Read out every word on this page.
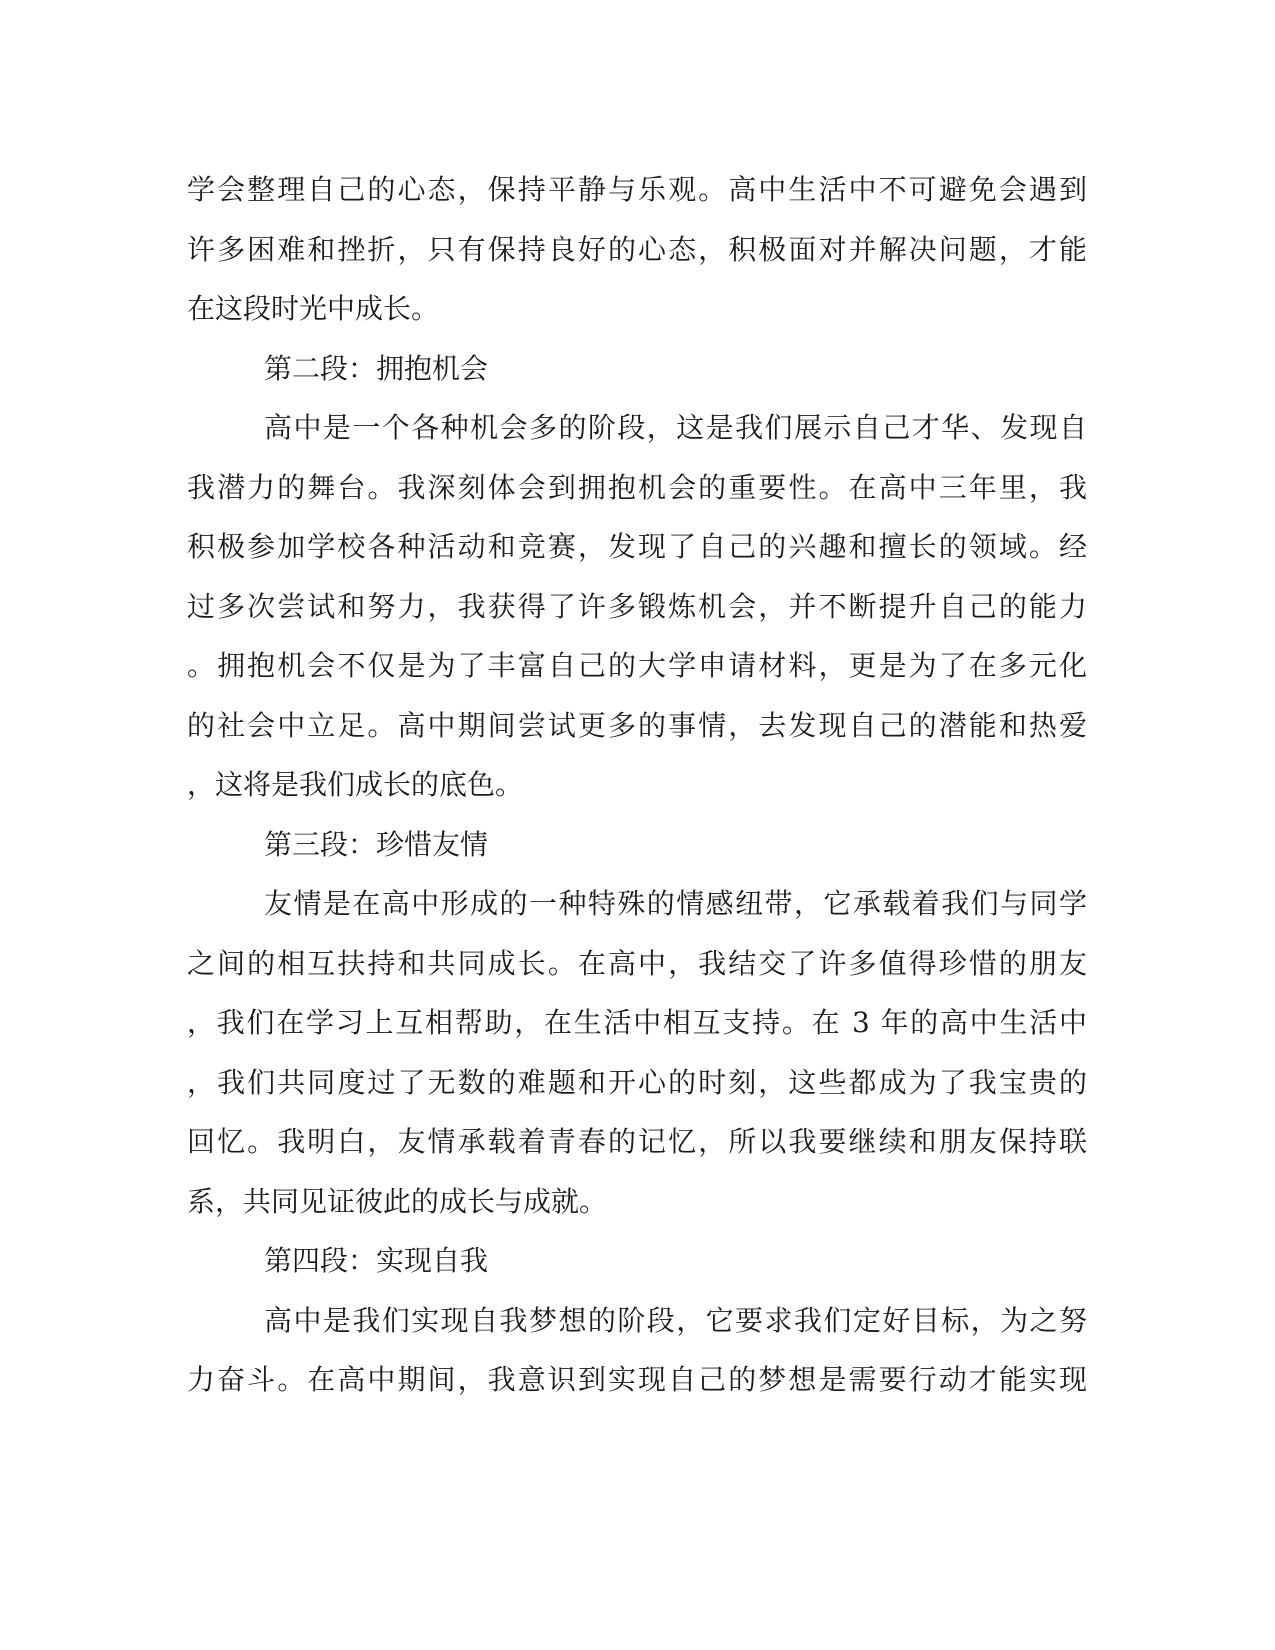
学会整理自己的心态，保持平静与乐观。高中生活中不可避免会遇到
许多困难和挫折，只有保持良好的心态，积极面对并解决问题，才能
在这段时光中成长。
第二段：拥抱机会
高中是一个各种机会多的阶段，这是我们展示自己才华、发现自
我潜力的舞台。我深刻体会到拥抱机会的重要性。在高中三年里，我
积极参加学校各种活动和竞赛，发现了自己的兴趣和擅长的领域。经
过多次尝试和努力，我获得了许多锻炼机会，并不断提升自己的能力
。拥抱机会不仅是为了丰富自己的大学申请材料，更是为了在多元化
的社会中立足。高中期间尝试更多的事情，去发现自己的潜能和热爱
，这将是我们成长的底色。
第三段：珍惜友情
友情是在高中形成的一种特殊的情感纽带，它承载着我们与同学
之间的相互扶持和共同成长。在高中，我结交了许多值得珍惜的朋友
，我们在学习上互相帮助，在生活中相互支持。在 3 年的高中生活中
，我们共同度过了无数的难题和开心的时刻，这些都成为了我宝贵的
回忆。我明白，友情承载着青春的记忆，所以我要继续和朋友保持联
系，共同见证彼此的成长与成就。
第四段：实现自我
高中是我们实现自我梦想的阶段，它要求我们定好目标，为之努
力奋斗。在高中期间，我意识到实现自己的梦想是需要行动才能实现
